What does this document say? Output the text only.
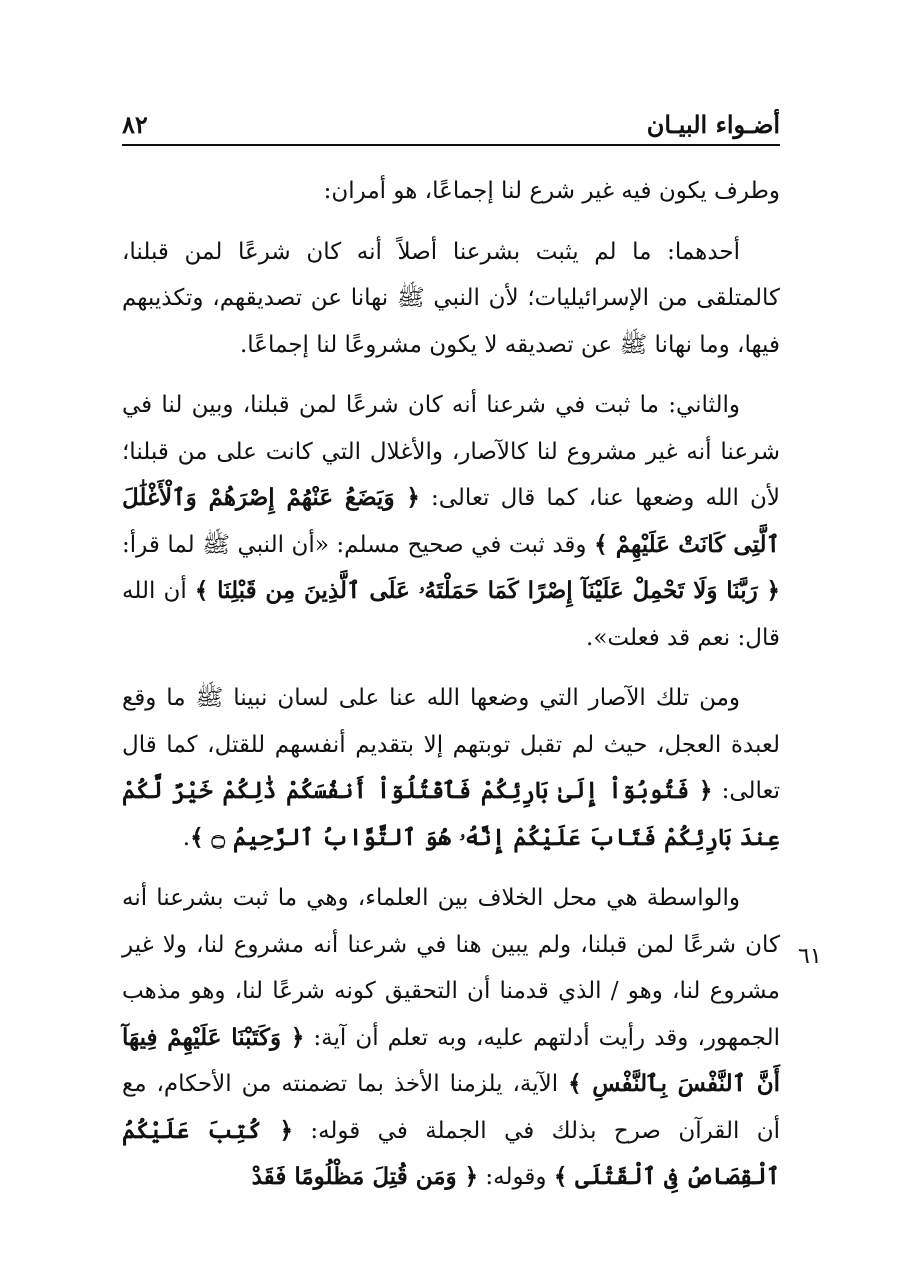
أضـواء البيـان
٨٢

وطرف يكون فيه غير شرع لنا إجماعًا، هو أمران:

أحدهما: ما لم يثبت بشرعنا أصلاً أنه كان شرعًا لمن قبلنا، كالمتلقى من الإسرائيليات؛ لأن النبي ﷺ نهانا عن تصديقهم، وتكذيبهم فيها، وما نهانا ﷺ عن تصديقه لا يكون مشروعًا لنا إجماعًا.

والثاني: ما ثبت في شرعنا أنه كان شرعًا لمن قبلنا، وبين لنا في شرعنا أنه غير مشروع لنا كالآصار، والأغلال التي كانت على من قبلنا؛ لأن الله وضعها عنا، كما قال تعالى: ﴿ وَيَضَعُ عَنْهُمْ إِصْرَهُمْ وَٱلْأَغْلَٰلَ ٱلَّتِى كَانَتْ عَلَيْهِمْ ﴾ وقد ثبت في صحيح مسلم: «أن النبي ﷺ لما قرأ: ﴿ رَبَّنَا وَلَا تَحْمِلْ عَلَيْنَآ إِصْرًا كَمَا حَمَلْتَهُۥ عَلَى ٱلَّذِينَ مِن قَبْلِنَا ﴾ أن الله قال: نعم قد فعلت».

ومن تلك الآصار التي وضعها الله عنا على لسان نبينا ﷺ ما وقع لعبدة العجل، حيث لم تقبل توبتهم إلا بتقديم أنفسهم للقتل، كما قال تعالى: ﴿ فَتُوبُوٓاْ إِلَىٰ بَارِئِكُمْ فَٱقْتُلُوٓاْ أَنفُسَكُمْ ذَٰلِكُمْ خَيْرٌ لَّكُمْ عِندَ بَارِئِكُمْ فَتَابَ عَلَيْكُمْ إِنَّهُۥ هُوَ ٱلتَّوَّابُ ٱلرَّحِيمُ ۝ ﴾.

والواسطة هي محل الخلاف بين العلماء، وهي ما ثبت بشرعنا أنه كان شرعًا لمن قبلنا، ولم يبين هنا في شرعنا أنه مشروع لنا، ولا غير مشروع لنا، وهو / الذي قدمنا أن التحقيق كونه شرعًا لنا، وهو مذهب الجمهور، وقد رأيت أدلتهم عليه، وبه تعلم أن آية: ﴿ وَكَتَبْنَا عَلَيْهِمْ فِيهَآ أَنَّ ٱلنَّفْسَ بِٱلنَّفْسِ ﴾ الآية، يلزمنا الأخذ بما تضمنته من الأحكام، مع أن القرآن صرح بذلك في الجملة في قوله: ﴿ كُتِبَ عَلَيْكُمُ ٱلْقِصَاصُ فِى ٱلْقَتْلَى ﴾ وقوله: ﴿ وَمَن قُتِلَ مَظْلُومًا فَقَدْ

٦١
